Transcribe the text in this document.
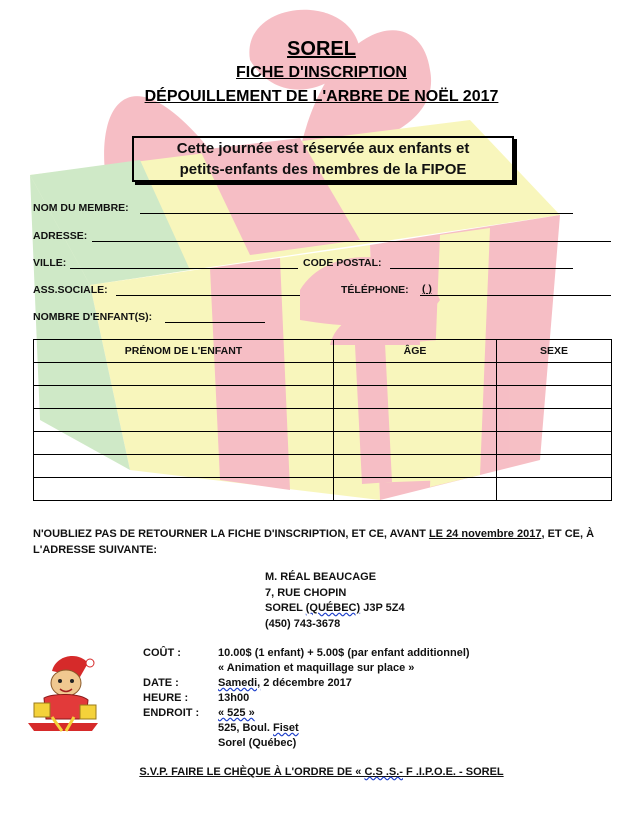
SOREL
FICHE D'INSCRIPTION
DÉPOUILLEMENT DE L'ARBRE DE NOËL 2017
Cette journée est réservée aux enfants et
petits-enfants des membres de la FIPOE
NOM DU MEMBRE:
ADRESSE:
VILLE:	CODE POSTAL:
ASS.SOCIALE:	TÉLÉPHONE: ( )
NOMBRE D'ENFANT(S):
PRÉNOM DE L'ENFANT	ÂGE	SEXE

N'OUBLIEZ PAS DE RETOURNER LA FICHE D'INSCRIPTION, ET CE, AVANT LE 24 novembre 2017, ET CE, À L'ADRESSE SUIVANTE:
M. RÉAL BEAUCAGE
7, RUE CHOPIN
SOREL (QUÉBEC) J3P 5Z4
(450) 743-3678
COÛT :	10.00$ (1 enfant) + 5.00$ (par enfant additionnel)
« Animation et maquillage sur place »
DATE :	Samedi, 2 décembre 2017
HEURE :	13h00
ENDROIT : « 525 »
525, Boul. Fiset
Sorel (Québec)
S.V.P. FAIRE LE CHÈQUE À L'ORDRE DE « C.S .S.- F .I.P.O.E. - SOREL
